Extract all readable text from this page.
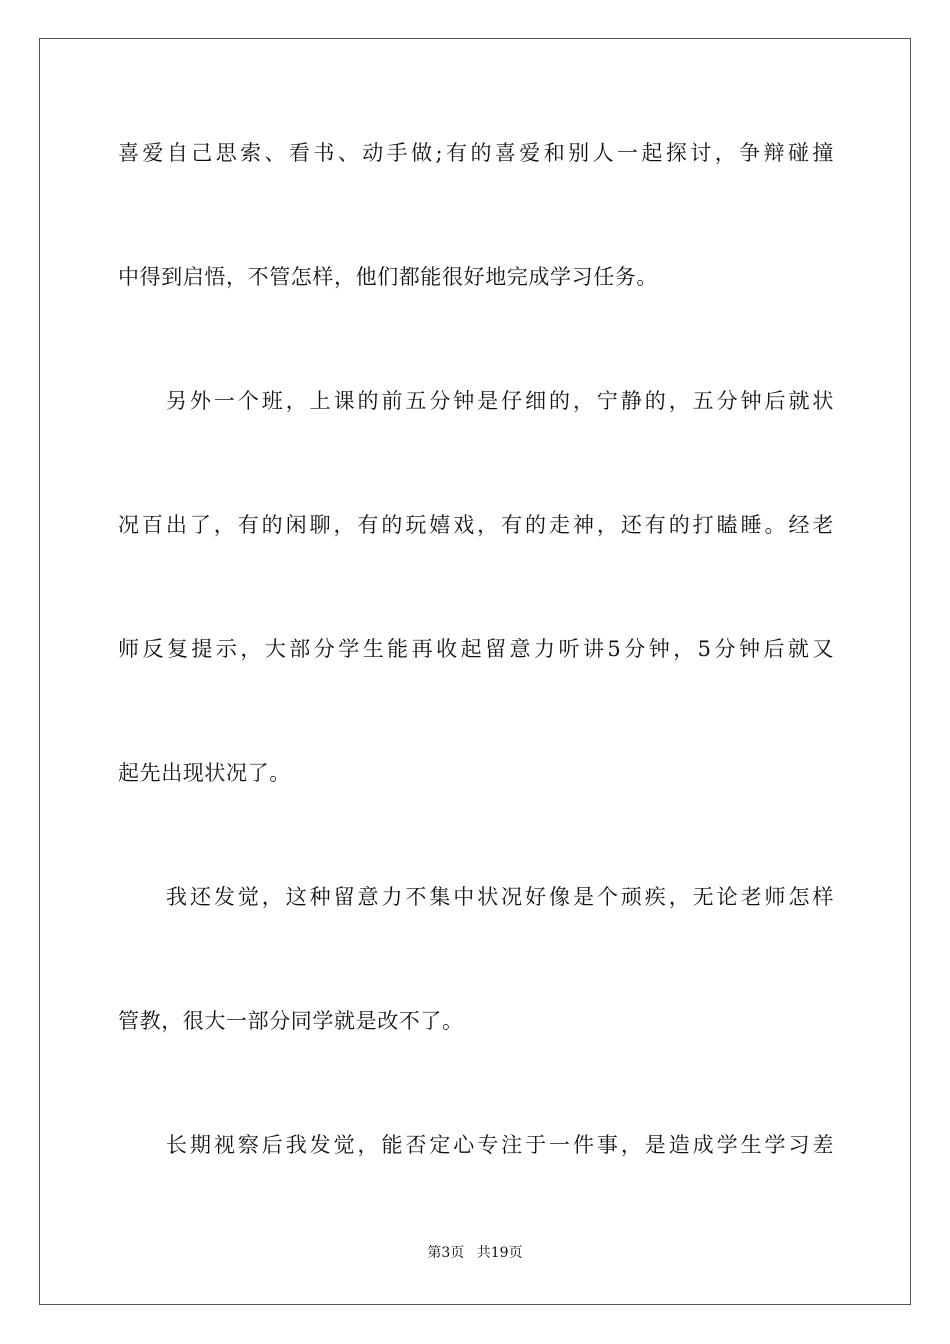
喜爱自己思索、看书、动手做;有的喜爱和别人一起探讨，争辩碰撞
中得到启悟，不管怎样，他们都能很好地完成学习任务。
另外一个班，上课的前五分钟是仔细的，宁静的，五分钟后就状
况百出了，有的闲聊，有的玩嬉戏，有的走神，还有的打瞌睡。经老
师反复提示，大部分学生能再收起留意力听讲5分钟，5分钟后就又
起先出现状况了。
我还发觉，这种留意力不集中状况好像是个顽疾，无论老师怎样
管教，很大一部分同学就是改不了。
长期视察后我发觉，能否定心专注于一件事，是造成学生学习差
第3页 共19页
